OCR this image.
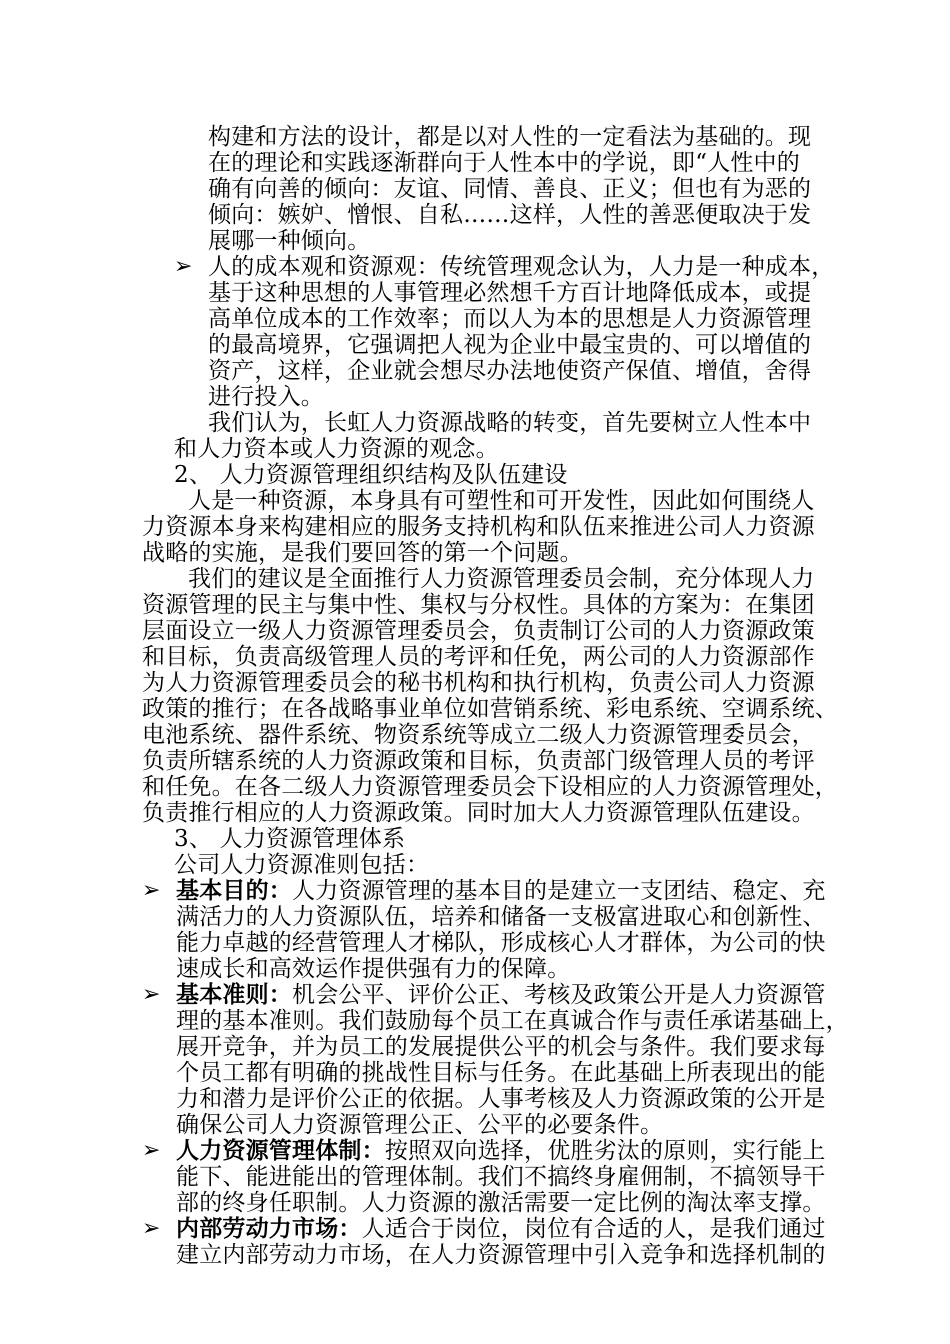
构建和方法的设计，都是以对人性的一定看法为基础的。现
在的理论和实践逐渐群向于人性本中的学说，即“人性中的
确有向善的倾向：友谊、同情、善良、正义；但也有为恶的
倾向：嫉妒、憎恨、自私……这样，人性的善恶便取决于发
展哪一种倾向。
➢ 人的成本观和资源观：传统管理观念认为，人力是一种成本，
基于这种思想的人事管理必然想千方百计地降低成本，或提
高单位成本的工作效率；而以人为本的思想是人力资源管理
的最高境界，它强调把人视为企业中最宝贵的、可以增值的
资产，这样，企业就会想尽办法地使资产保值、增值，舍得
进行投入。
我们认为，长虹人力资源战略的转变，首先要树立人性本中
和人力资本或人力资源的观念。
2、 人力资源管理组织结构及队伍建设
人是一种资源，本身具有可塑性和可开发性，因此如何围绕人
力资源本身来构建相应的服务支持机构和队伍来推进公司人力资源
战略的实施，是我们要回答的第一个问题。
我们的建议是全面推行人力资源管理委员会制，充分体现人力
资源管理的民主与集中性、集权与分权性。具体的方案为：在集团
层面设立一级人力资源管理委员会，负责制订公司的人力资源政策
和目标，负责高级管理人员的考评和任免，两公司的人力资源部作
为人力资源管理委员会的秘书机构和执行机构，负责公司人力资源
政策的推行；在各战略事业单位如营销系统、彩电系统、空调系统、
电池系统、器件系统、物资系统等成立二级人力资源管理委员会，
负责所辖系统的人力资源政策和目标，负责部门级管理人员的考评
和任免。在各二级人力资源管理委员会下设相应的人力资源管理处，
负责推行相应的人力资源政策。同时加大人力资源管理队伍建设。
3、 人力资源管理体系
公司人力资源准则包括：
➢ 基本目的：人力资源管理的基本目的是建立一支团结、稳定、充
满活力的人力资源队伍，培养和储备一支极富进取心和创新性、
能力卓越的经营管理人才梯队，形成核心人才群体，为公司的快
速成长和高效运作提供强有力的保障。
➢ 基本准则：机会公平、评价公正、考核及政策公开是人力资源管
理的基本准则。我们鼓励每个员工在真诚合作与责任承诺基础上，
展开竞争，并为员工的发展提供公平的机会与条件。我们要求每
个员工都有明确的挑战性目标与任务。在此基础上所表现出的能
力和潜力是评价公正的依据。人事考核及人力资源政策的公开是
确保公司人力资源管理公正、公平的必要条件。
➢ 人力资源管理体制：按照双向选择，优胜劣汰的原则，实行能上
能下、能进能出的管理体制。我们不搞终身雇佣制，不搞领导干
部的终身任职制。人力资源的激活需要一定比例的淘汰率支撑。
➢ 内部劳动力市场：人适合于岗位，岗位有合适的人，是我们通过
建立内部劳动力市场，在人力资源管理中引入竞争和选择机制的
